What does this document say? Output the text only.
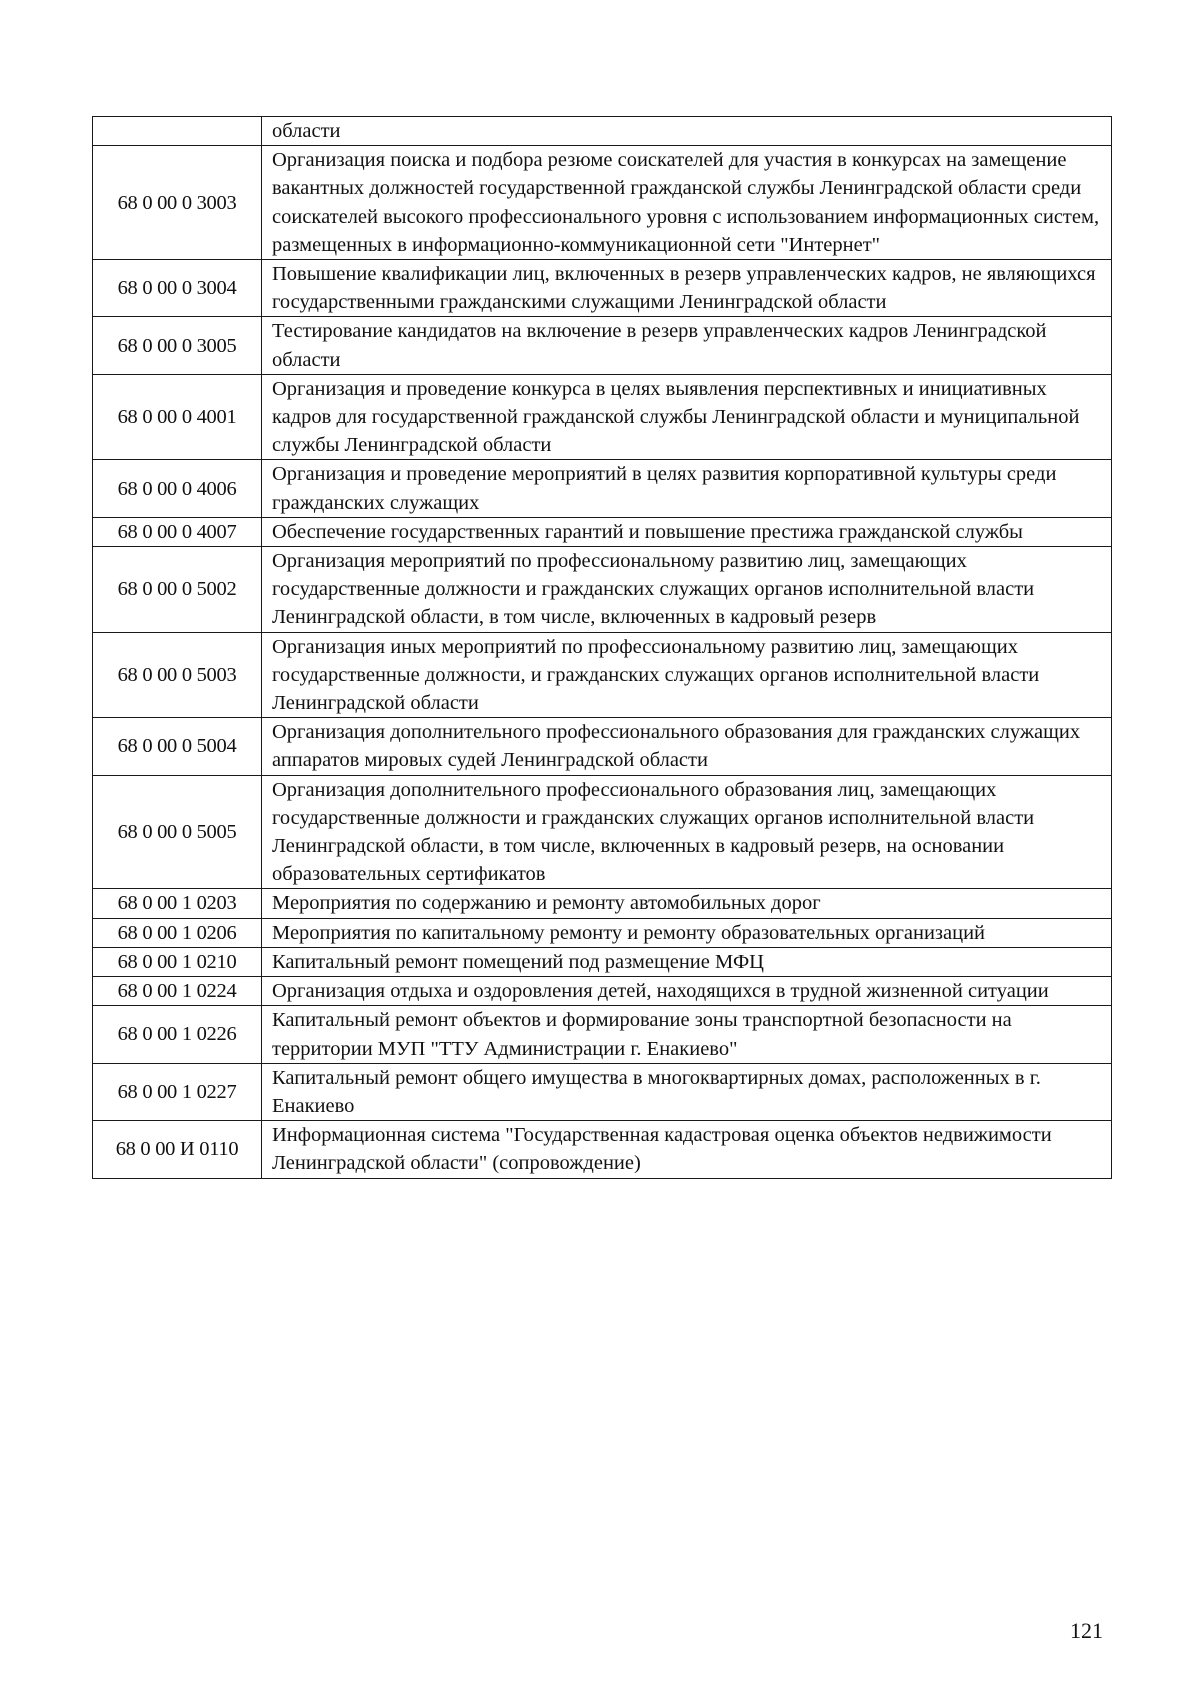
	области
68 0 00 0 3003	Организация поиска и подбора резюме соискателей для участия в конкурсах на замещение вакантных должностей государственной гражданской службы Ленинградской области среди соискателей высокого профессионального уровня с использованием информационных систем, размещенных в информационно-коммуникационной сети "Интернет"
68 0 00 0 3004	Повышение квалификации лиц, включенных в резерв управленческих кадров, не являющихся государственными гражданскими служащими Ленинградской области
68 0 00 0 3005	Тестирование кандидатов на включение в резерв управленческих кадров Ленинградской области
68 0 00 0 4001	Организация и проведение конкурса в целях выявления перспективных и инициативных кадров для государственной гражданской службы Ленинградской области и муниципальной службы Ленинградской области
68 0 00 0 4006	Организация и проведение мероприятий в целях развития корпоративной культуры среди гражданских служащих
68 0 00 0 4007	Обеспечение государственных гарантий и повышение престижа гражданской службы
68 0 00 0 5002	Организация мероприятий по профессиональному развитию лиц, замещающих государственные должности и гражданских служащих органов исполнительной власти Ленинградской области, в том числе, включенных в кадровый резерв
68 0 00 0 5003	Организация иных мероприятий по профессиональному развитию лиц, замещающих государственные должности, и гражданских служащих органов исполнительной власти Ленинградской области
68 0 00 0 5004	Организация дополнительного профессионального образования для гражданских служащих аппаратов мировых судей Ленинградской области
68 0 00 0 5005	Организация дополнительного профессионального образования лиц, замещающих государственные должности и гражданских служащих органов исполнительной власти Ленинградской области, в том числе, включенных в кадровый резерв, на основании образовательных сертификатов
68 0 00 1 0203	Мероприятия по содержанию и ремонту автомобильных дорог
68 0 00 1 0206	Мероприятия по капитальному ремонту и ремонту образовательных организаций
68 0 00 1 0210	Капитальный ремонт помещений под размещение МФЦ
68 0 00 1 0224	Организация отдыха и оздоровления детей, находящихся в трудной жизненной ситуации
68 0 00 1 0226	Капитальный ремонт объектов и формирование зоны транспортной безопасности на территории МУП "ТТУ Администрации г. Енакиево"
68 0 00 1 0227	Капитальный ремонт общего имущества в многоквартирных домах, расположенных в г. Енакиево
68 0 00 И 0110	Информационная система "Государственная кадастровая оценка объектов недвижимости Ленинградской области" (сопровождение)
121
